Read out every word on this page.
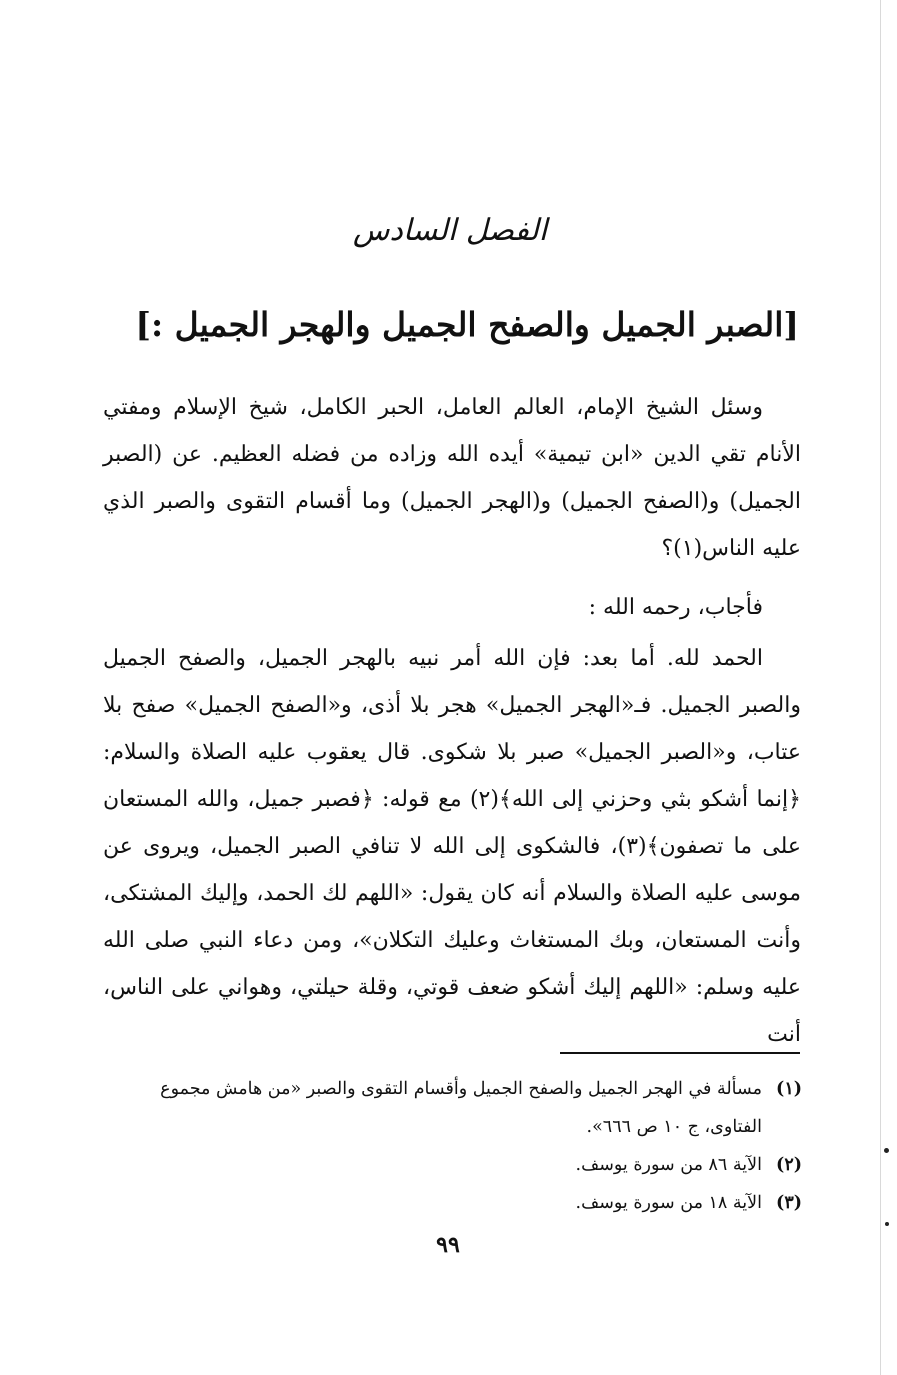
الفصل السادس
[الصبر الجميل والصفح الجميل والهجر الجميل :]

وسئل الشيخ الإمام، العالم العامل، الحبر الكامل، شيخ الإسلام ومفتي الأنام تقي الدين «ابن تيمية» أيده الله وزاده من فضله العظيم. عن (الصبر الجميل) و(الصفح الجميل) و(الهجر الجميل) وما أقسام التقوى والصبر الذي عليه الناس(١)؟

فأجاب، رحمه الله :

الحمد لله. أما بعد: فإن الله أمر نبيه بالهجر الجميل، والصفح الجميل والصبر الجميل. فـ«الهجر الجميل» هجر بلا أذى، و«الصفح الجميل» صفح بلا عتاب، و«الصبر الجميل» صبر بلا شكوى. قال يعقوب عليه الصلاة والسلام: ﴿إنما أشكو بثي وحزني إلى الله﴾(٢) مع قوله: ﴿فصبر جميل، والله المستعان على ما تصفون﴾(٣)، فالشكوى إلى الله لا تنافي الصبر الجميل، ويروى عن موسى عليه الصلاة والسلام أنه كان يقول: «اللهم لك الحمد، وإليك المشتكى، وأنت المستعان، وبك المستغاث وعليك التكلان»، ومن دعاء النبي صلى الله عليه وسلم: «اللهم إليك أشكو ضعف قوتي، وقلة حيلتي، وهواني على الناس، أنت

(١)
مسألة في الهجر الجميل والصفح الجميل وأقسام التقوى والصبر «من هامش مجموع الفتاوى، ج ١٠ ص ٦٦٦».
(٢)
الآية ٨٦ من سورة يوسف.
(٣)
الآية ١٨ من سورة يوسف.
٩٩
